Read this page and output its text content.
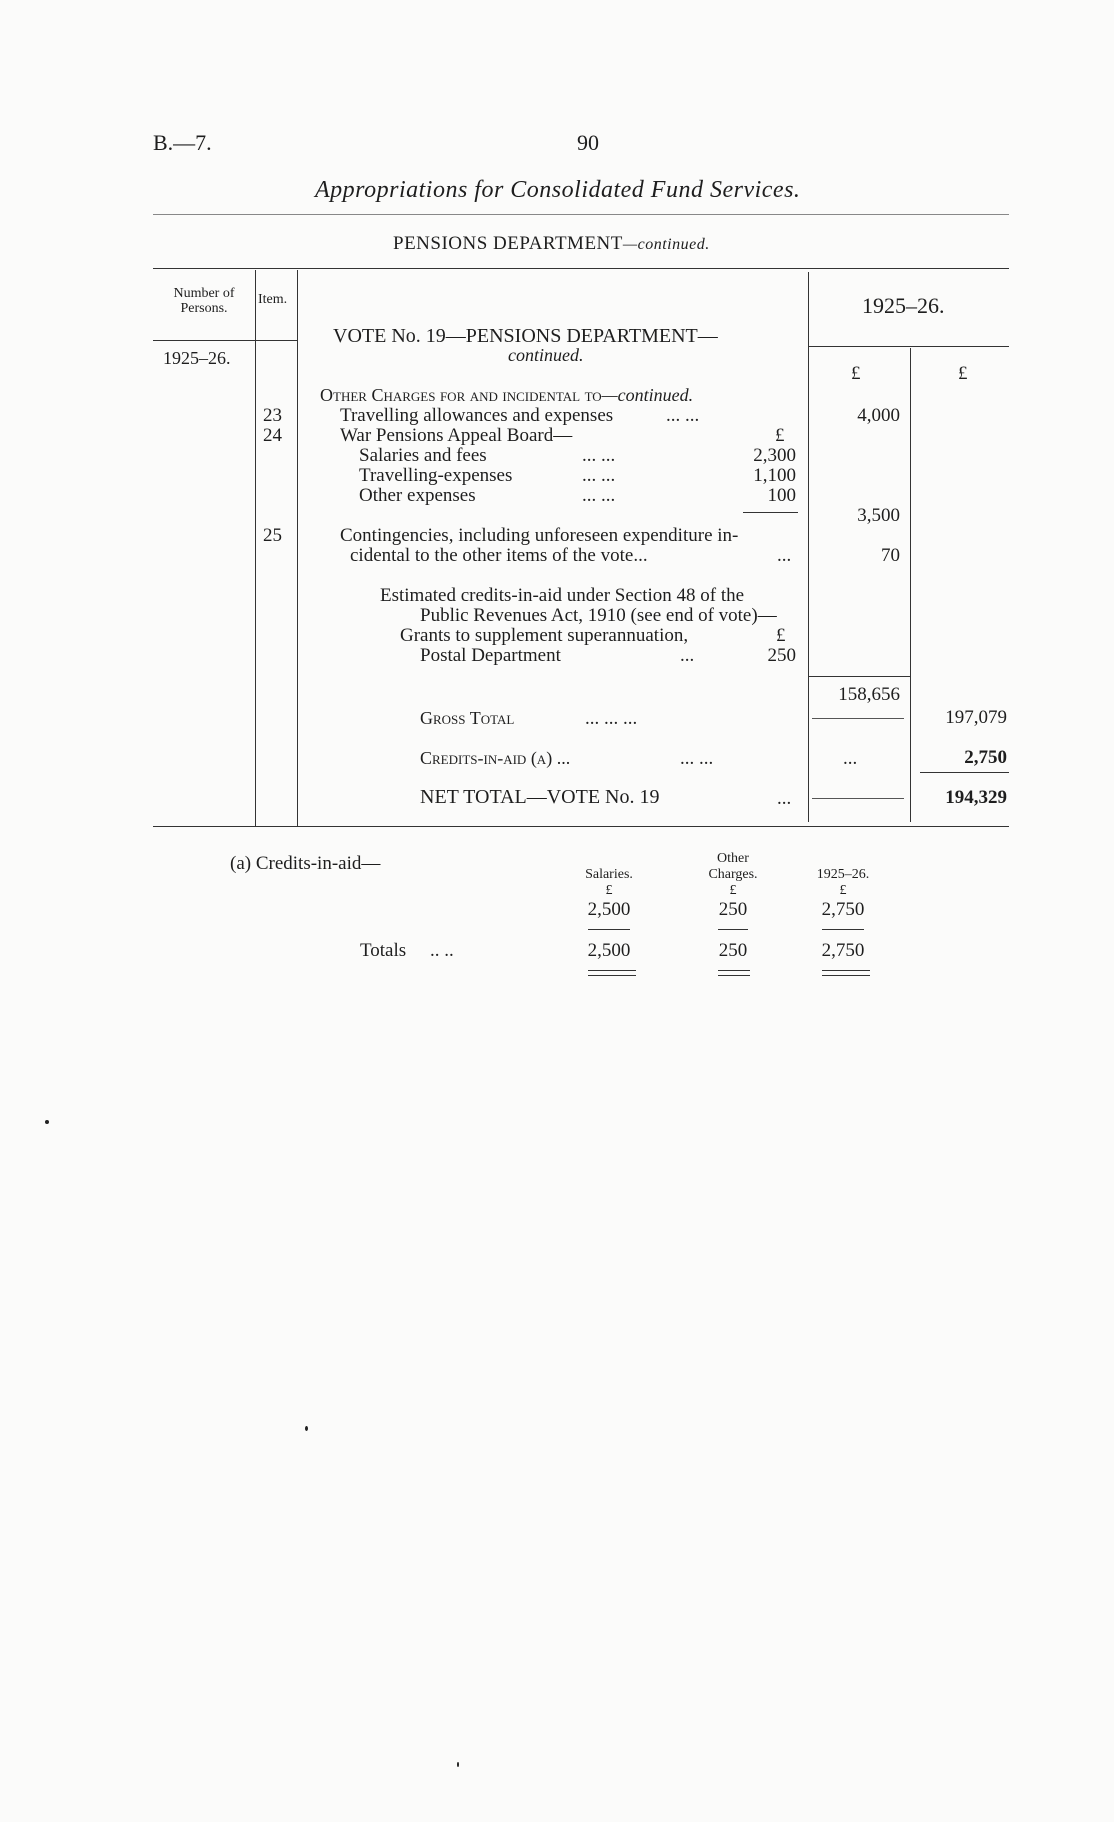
B.—7.	90
Appropriations for Consolidated Fund Services.
PENSIONS DEPARTMENT—continued.
Number of Persons.
Item.
1925–26.
1925–26.
£	£
VOTE No. 19—PENSIONS DEPARTMENT—
continued.
Other Charges for and incidental to—continued.
23	Travelling allowances and expenses	... ...	4,000
24	War Pensions Appeal Board—	£
Salaries and fees	... ...	2,300
Travelling-expenses	... ...	1,100
Other expenses	... ...	100
3,500
25	Contingencies, including unforeseen expenditure in-
cidental to the other items of the vote...	...	70
Estimated credits-in-aid under Section 48 of the
Public Revenues Act, 1910 (see end of vote)—
Grants to supplement superannuation,	£
Postal Department	...	250
158,656
Gross Total	... ... ...	197,079
Credits-in-aid (a) ...	... ...	...	2,750
NET TOTAL—VOTE No. 19	...	194,329
(a) Credits-in-aid—
Salaries.
Other
Charges.	1925–26.
£	£	£
2,500	250	2,750
Totals .. ..	2,500	250	2,750
